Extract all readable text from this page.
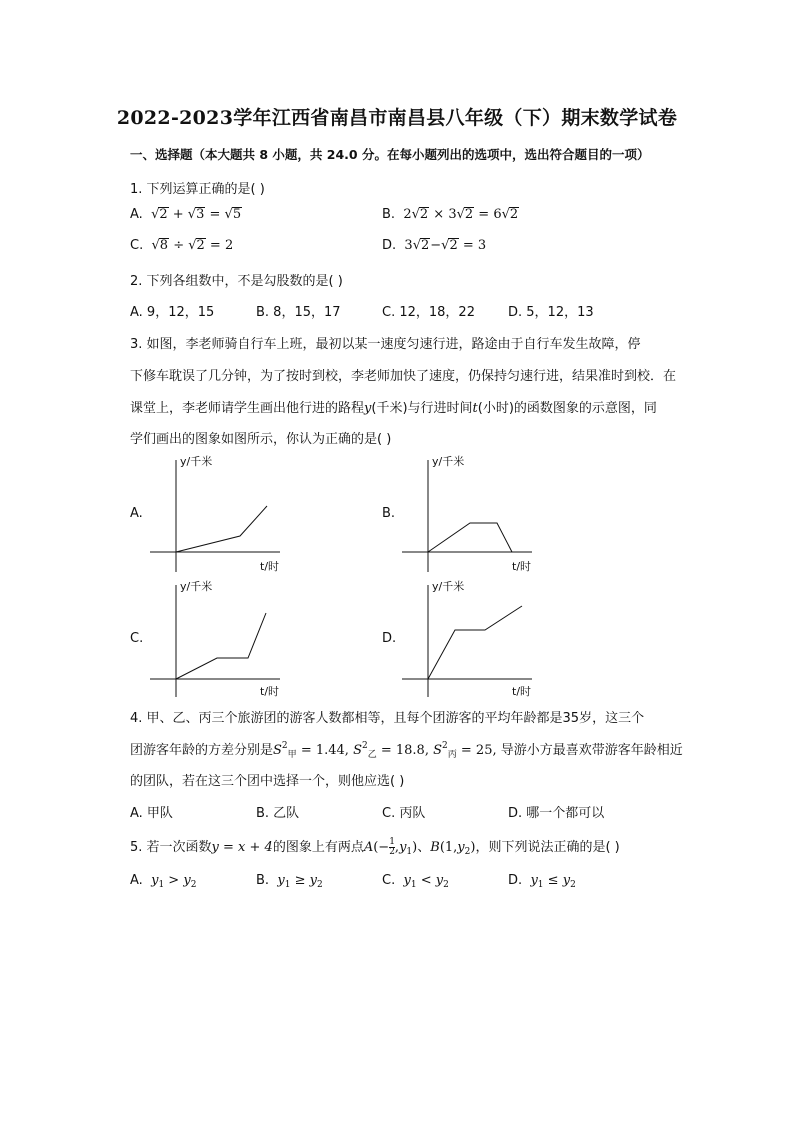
2022-2023学年江西省南昌市南昌县八年级（下）期末数学试卷
一、选择题（本大题共 8 小题，共 24.0 分。在每小题列出的选项中，选出符合题目的一项）
1. 下列运算正确的是( )
A.  √2 + √3 = √5	B.  2√2 × 3√2 = 6√2
C.  √8 ÷ √2 = 2	D.  3√2−√2 = 3
2. 下列各组数中，不是勾股数的是( )
A. 9，12，15	B. 8，15，17	C. 12，18，22	D. 5，12，13
3. 如图，李老师骑自行车上班，最初以某一速度匀速行进，路途由于自行车发生故障，停
下修车耽误了几分钟，为了按时到校，李老师加快了速度，仍保持匀速行进，结果准时到校．在
课堂上，李老师请学生画出他行进的路程y(千米)与行进时间t(小时)的函数图象的示意图，同
学们画出的图象如图所示，你认为正确的是( )
A.	B.
C.	D.
y/千米
t/时
y/千米
t/时
y/千米
t/时
y/千米
t/时
4. 甲、乙、丙三个旅游团的游客人数都相等，且每个团游客的平均年龄都是35岁，这三个
团游客年龄的方差分别是$S^2_甲 = 1.44$, $S^2_乙 = 18.8$, $S^2_丙 = 25$, 导游小方最喜欢带游客年龄相近
的团队，若在这三个团中选择一个，则他应选( )
A. 甲队	B. 乙队	C. 丙队	D. 哪一个都可以
5. 若一次函数y = x + 4的图象上有两点$A(- \frac{1}{2} ,y_1)$、$B(1,y_2)$，则下列说法正确的是( )
A. $y_1 > y_2$	B. $y_1 \ge y_2$	C. $y_1 < y_2$	D. $y_1 \le y_2$
